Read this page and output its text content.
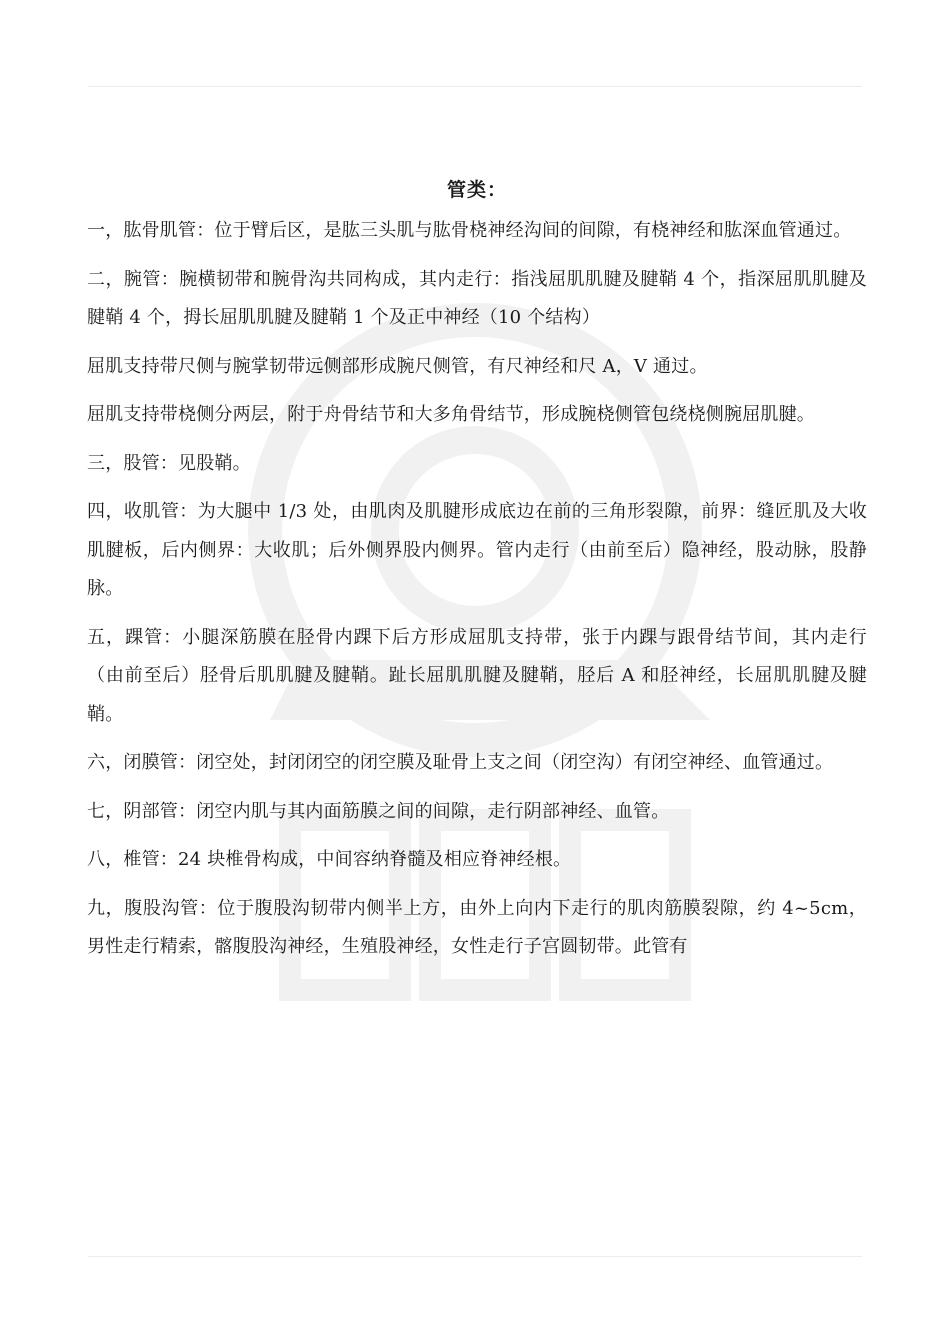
管类：

一，肱骨肌管：位于臂后区，是肱三头肌与肱骨桡神经沟间的间隙，有桡神经和肱深血管通过。

二，腕管：腕横韧带和腕骨沟共同构成，其内走行：指浅屈肌肌腱及腱鞘 4 个，指深屈肌肌腱及腱鞘 4 个，拇长屈肌肌腱及腱鞘 1 个及正中神经（10 个结构）

屈肌支持带尺侧与腕掌韧带远侧部形成腕尺侧管，有尺神经和尺 A，V 通过。

屈肌支持带桡侧分两层，附于舟骨结节和大多角骨结节，形成腕桡侧管包绕桡侧腕屈肌腱。

三，股管：见股鞘。

四，收肌管：为大腿中 1/3 处，由肌肉及肌腱形成底边在前的三角形裂隙，前界：缝匠肌及大收肌腱板，后内侧界：大收肌；后外侧界股内侧界。管内走行（由前至后）隐神经，股动脉，股静脉。

五，踝管：小腿深筋膜在胫骨内踝下后方形成屈肌支持带，张于内踝与跟骨结节间，其内走行（由前至后）胫骨后肌肌腱及腱鞘。趾长屈肌肌腱及腱鞘，胫后 A 和胫神经，长屈肌肌腱及腱鞘。

六，闭膜管：闭空处，封闭闭空的闭空膜及耻骨上支之间（闭空沟）有闭空神经、血管通过。

七，阴部管：闭空内肌与其内面筋膜之间的间隙，走行阴部神经、血管。

八，椎管：24 块椎骨构成，中间容纳脊髓及相应脊神经根。

九，腹股沟管：位于腹股沟韧带内侧半上方，由外上向内下走行的肌肉筋膜裂隙，约 4~5cm，男性走行精索，髂腹股沟神经，生殖股神经，女性走行子宫圆韧带。此管有
